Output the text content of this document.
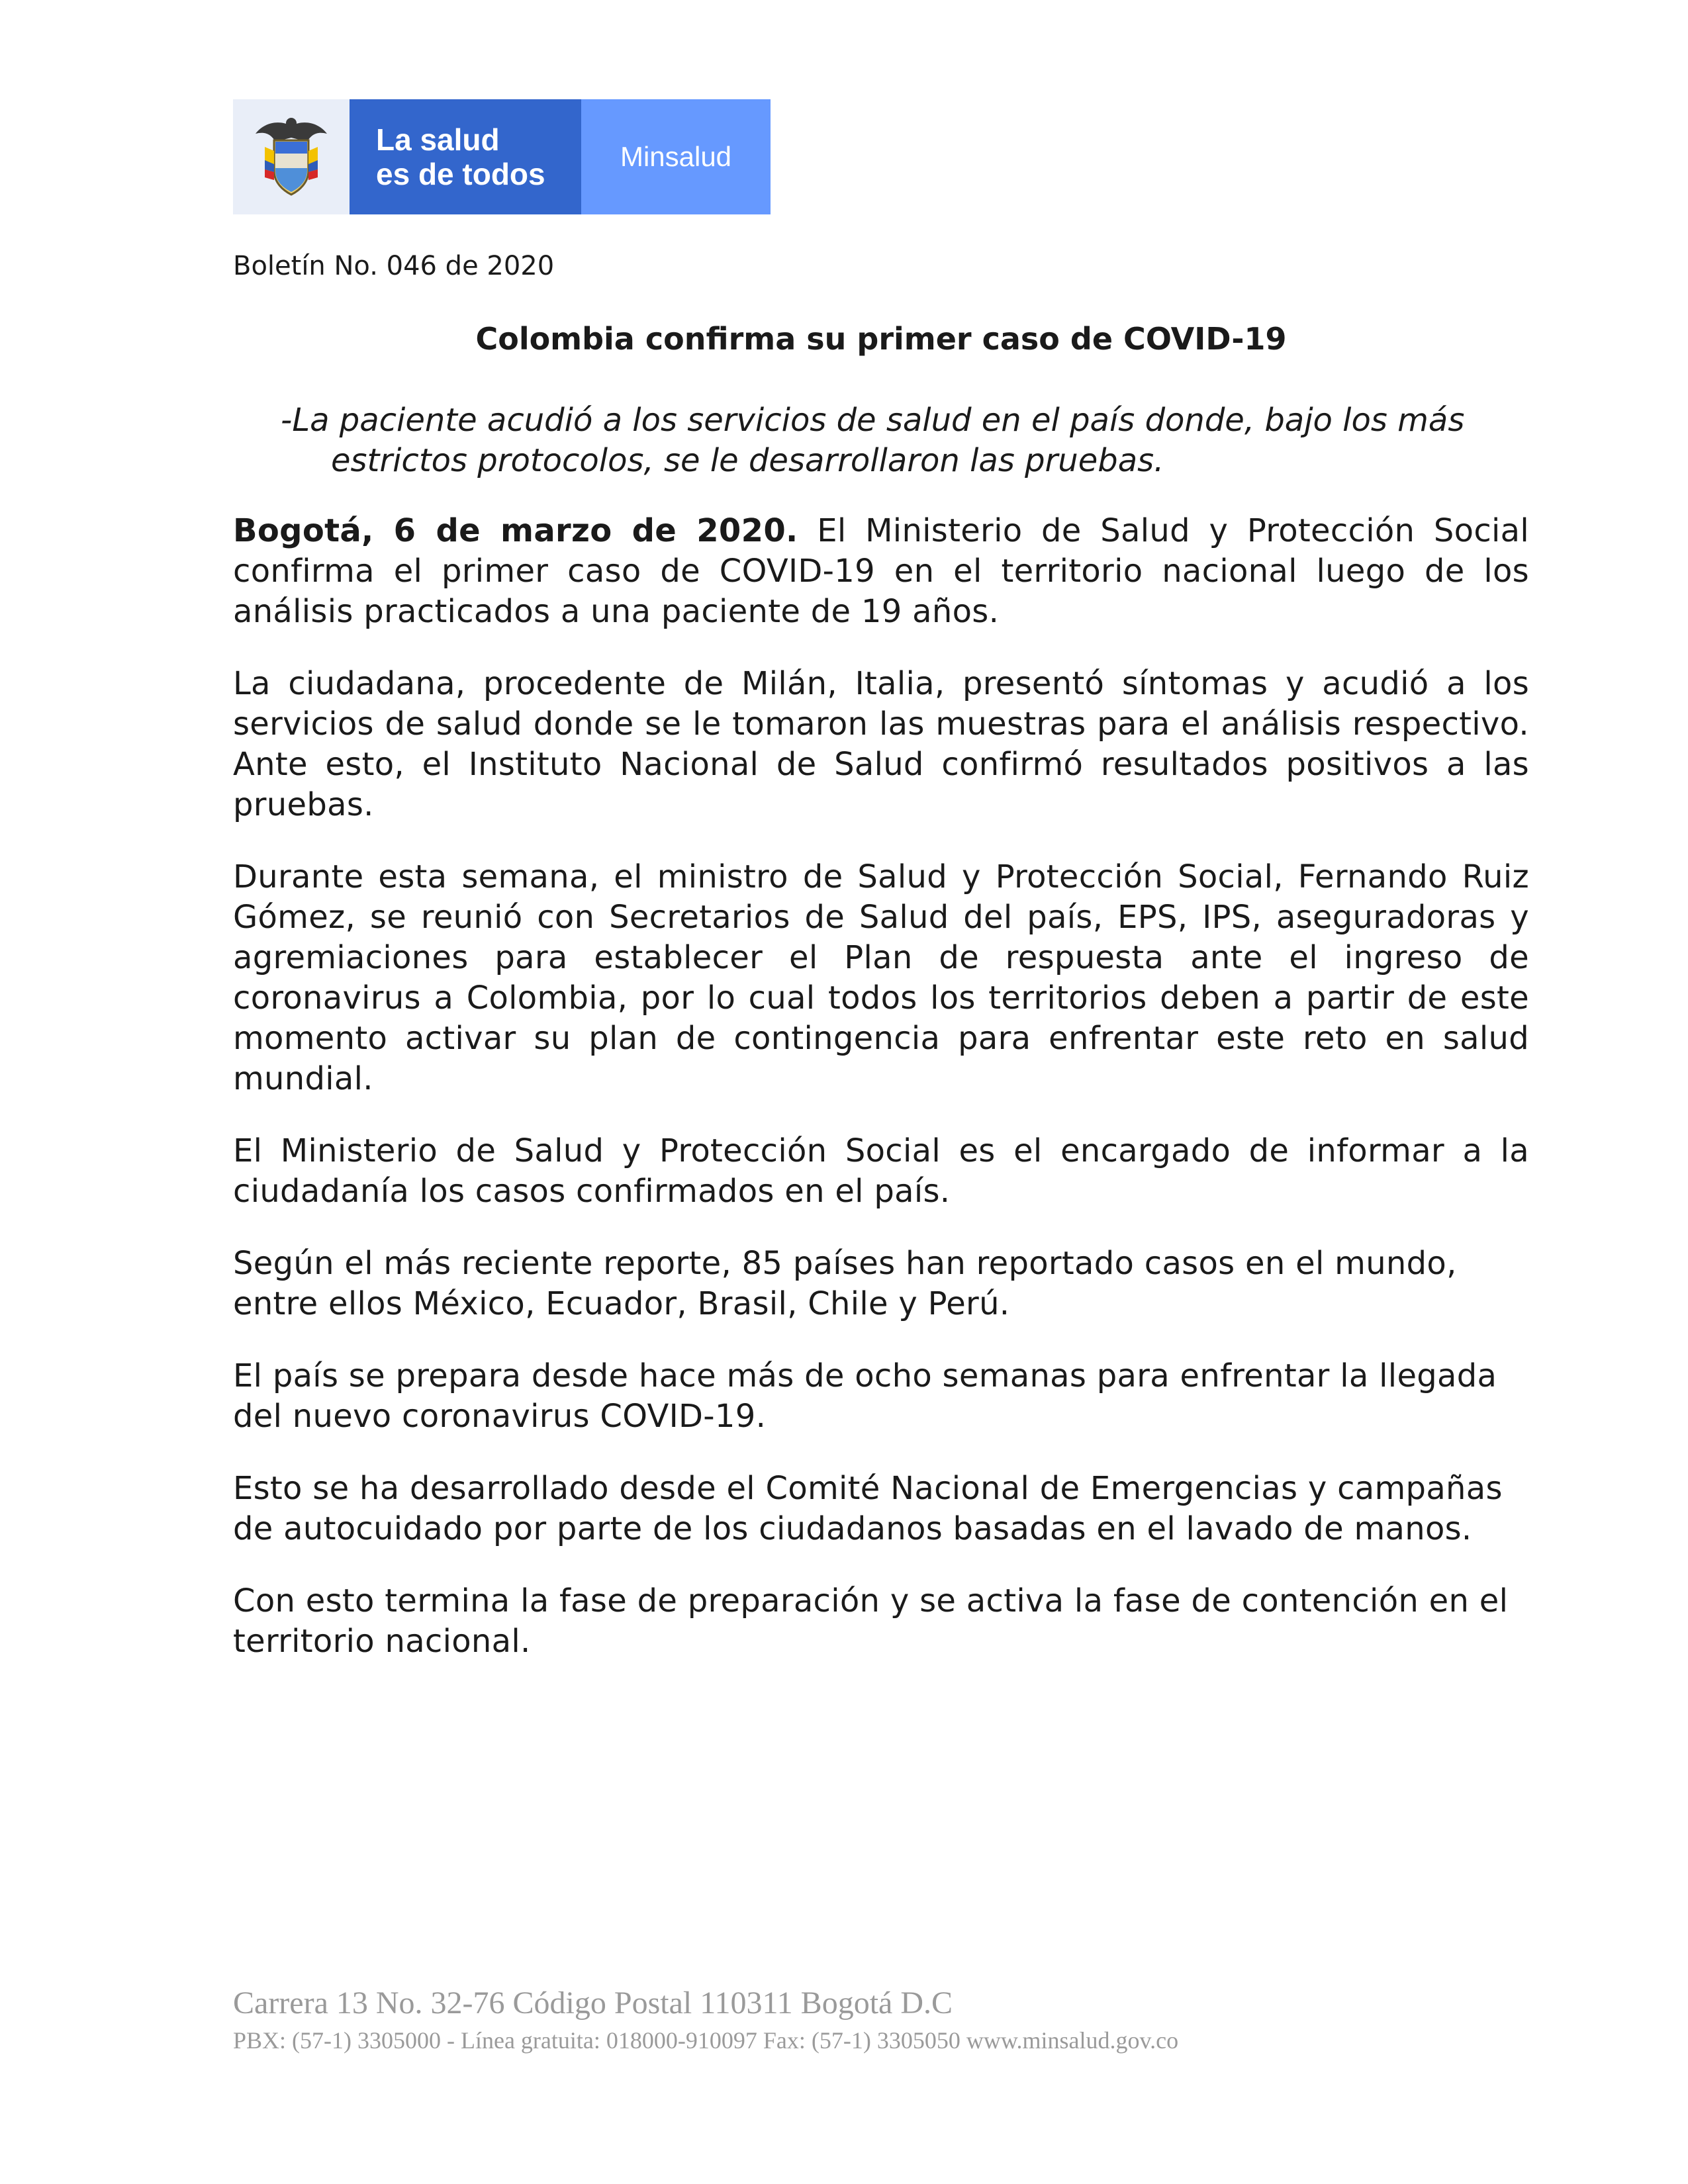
La salud
es de todos
Minsalud

Boletín No. 046 de 2020

Colombia confirma su primer caso de COVID-19

-La paciente acudió a los servicios de salud en el país donde, bajo los más
estrictos protocolos, se le desarrollaron las pruebas.

Bogotá, 6 de marzo de 2020. El Ministerio de Salud y Protección Social confirma el primer caso de COVID-19 en el territorio nacional luego de los análisis practicados a una paciente de 19 años.

La ciudadana, procedente de Milán, Italia, presentó síntomas y acudió a los servicios de salud donde se le tomaron las muestras para el análisis respectivo. Ante esto, el Instituto Nacional de Salud confirmó resultados positivos a las pruebas.

Durante esta semana, el ministro de Salud y Protección Social, Fernando Ruiz Gómez, se reunió con Secretarios de Salud del país, EPS, IPS, aseguradoras y agremiaciones para establecer el Plan de respuesta ante el ingreso de coronavirus a Colombia, por lo cual todos los territorios deben a partir de este momento activar su plan de contingencia para enfrentar este reto en salud mundial.

El Ministerio de Salud y Protección Social es el encargado de informar a la ciudadanía los casos confirmados en el país.

Según el más reciente reporte, 85 países han reportado casos en el mundo, entre ellos México, Ecuador, Brasil, Chile y Perú.

El país se prepara desde hace más de ocho semanas para enfrentar la llegada del nuevo coronavirus COVID-19.

Esto se ha desarrollado desde el Comité Nacional de Emergencias y campañas de autocuidado por parte de los ciudadanos basadas en el lavado de manos.

Con esto termina la fase de preparación y se activa la fase de contención en el territorio nacional.

Carrera 13 No. 32-76 Código Postal 110311 Bogotá D.C

PBX: (57-1) 3305000 - Línea gratuita: 018000-910097 Fax: (57-1) 3305050 www.minsalud.gov.co
